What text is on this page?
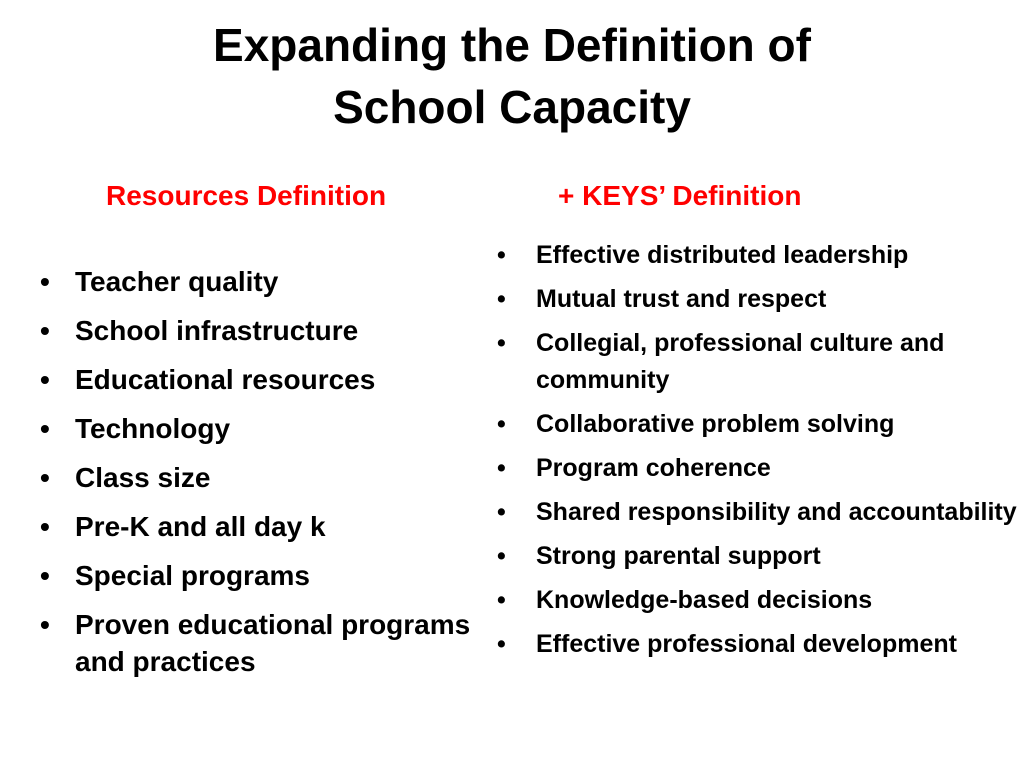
Expanding the Definition of
School Capacity
Resources Definition	+ KEYS’ Definition
• Teacher quality
• School infrastructure
• Educational resources
• Technology
• Class size
• Pre-K and all day k
• Special programs
• Proven educational programs and practices
• Effective distributed leadership
• Mutual trust and respect
• Collegial, professional culture and community
• Collaborative problem solving
• Program coherence
• Shared responsibility and accountability
• Strong parental support
• Knowledge-based decisions
• Effective professional development
